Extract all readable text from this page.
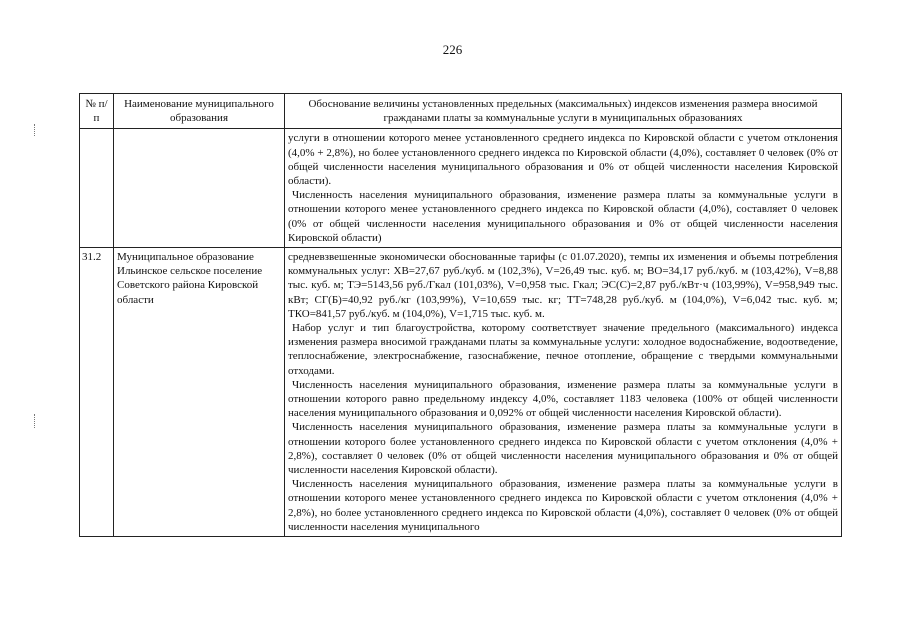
226
№ п/п	Наименование муниципального образования	Обоснование величины установленных предельных (максимальных) индексов изменения размера вносимой гражданами платы за коммунальные услуги в муниципальных образованиях

		услуги в отношении которого менее установленного среднего индекса по Кировской области с учетом отклонения (4,0% + 2,8%), но более установленного среднего индекса по Кировской области (4,0%), составляет 0 человек (0% от общей численности населения муниципального образования и 0% от общей численности населения Кировской области).

Численность населения муниципального образования, изменение размера платы за коммунальные услуги в отношении которого менее установленного среднего индекса по Кировской области (4,0%), составляет 0 человек (0% от общей численности населения муниципального образования и 0% от общей численности населения Кировской области)

31.2	Муниципальное образование Ильинское сельское поселение Советского района Кировской области	средневзвешенные экономически обоснованные тарифы (с 01.07.2020), темпы их изменения и объемы потребления коммунальных услуг: ХВ=27,67 руб./куб. м (102,3%), V=26,49 тыс. куб. м; ВО=34,17 руб./куб. м (103,42%), V=8,88 тыс. куб. м; ТЭ=5143,56 руб./Гкал (101,03%), V=0,958 тыс. Гкал; ЭС(С)=2,87 руб./кВт·ч (103,99%), V=958,949 тыс. кВт; СГ(Б)=40,92 руб./кг (103,99%), V=10,659 тыс. кг; ТТ=748,28 руб./куб. м (104,0%), V=6,042 тыс. куб. м; ТКО=841,57 руб./куб. м (104,0%), V=1,715 тыс. куб. м.

Набор услуг и тип благоустройства, которому соответствует значение предельного (максимального) индекса изменения размера вносимой гражданами платы за коммунальные услуги: холодное водоснабжение, водоотведение, теплоснабжение, электроснабжение, газоснабжение, печное отопление, обращение с твердыми коммунальными отходами.

Численность населения муниципального образования, изменение размера платы за коммунальные услуги в отношении которого равно предельному индексу 4,0%, составляет 1183 человека (100% от общей численности населения муниципального образования и 0,092% от общей численности населения Кировской области).

Численность населения муниципального образования, изменение размера платы за коммунальные услуги в отношении которого более установленного среднего индекса по Кировской области с учетом отклонения (4,0% + 2,8%), составляет 0 человек (0% от общей численности населения муниципального образования и 0% от общей численности населения Кировской области).

Численность населения муниципального образования, изменение размера платы за коммунальные услуги в отношении которого менее установленного среднего индекса по Кировской области с учетом отклонения (4,0% + 2,8%), но более установленного среднего индекса по Кировской области (4,0%), составляет 0 человек (0% от общей численности населения муниципального
